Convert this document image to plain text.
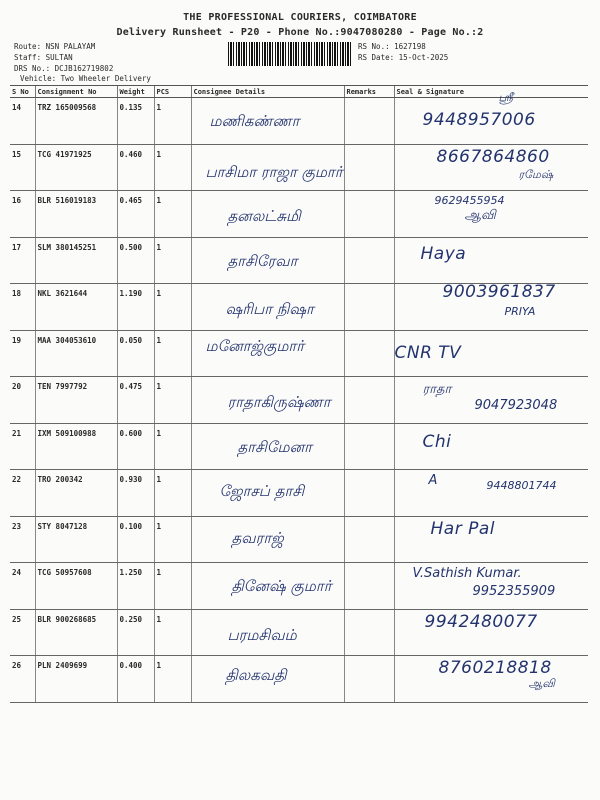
THE PROFESSIONAL COURIERS, COIMBATORE
Delivery Runsheet - P20 - Phone No.:9047080280 - Page No.:2
Route: NSN PALAYAM
Staff: SULTAN
DRS No.: DCJB162719802
Vehicle: Two Wheeler Delivery
RS No.: 1627198
RS Date: 15-Oct-2025
S No	Consignment No	Weight	PCS	Consignee Details	Remarks	Seal & Signature
14	TRZ 165009568	0.135	1	மணிகண்ணா		9448957006
ஸ்ரீ

15	TCG 41971925	0.460	1	பாசிமா ராஜா குமார்		8667864860
ரமேஷ்

16	BLR 516019183	0.465	1	தனலட்சுமி		9629455954
ஆவி

17	SLM 380145251	0.500	1	தாசிரேவா		Haya

18	NKL 3621644	1.190	1	ஷரிபா நிஷா		9003961837
PRIYA

19	MAA 304053610	0.050	1	மனோஜ்குமார்		CNR TV

20	TEN 7997792	0.475	1	ராதாகிருஷ்ணா		9047923048
ராதா

21	IXM 509100988	0.600	1	தாசிமேனா		Chi

22	TRO 200342	0.930	1	ஜோசப் தாசி		9448801744
A

23	STY 8047128	0.100	1	தவராஜ்		Har Pal

24	TCG 50957608	1.250	1	தினேஷ் குமார்		V.Sathish Kumar.
9952355909

25	BLR 900268685	0.250	1	பரமசிவம்		9942480077

26	PLN 2409699	0.400	1	திலகவதி		8760218818
ஆவி
